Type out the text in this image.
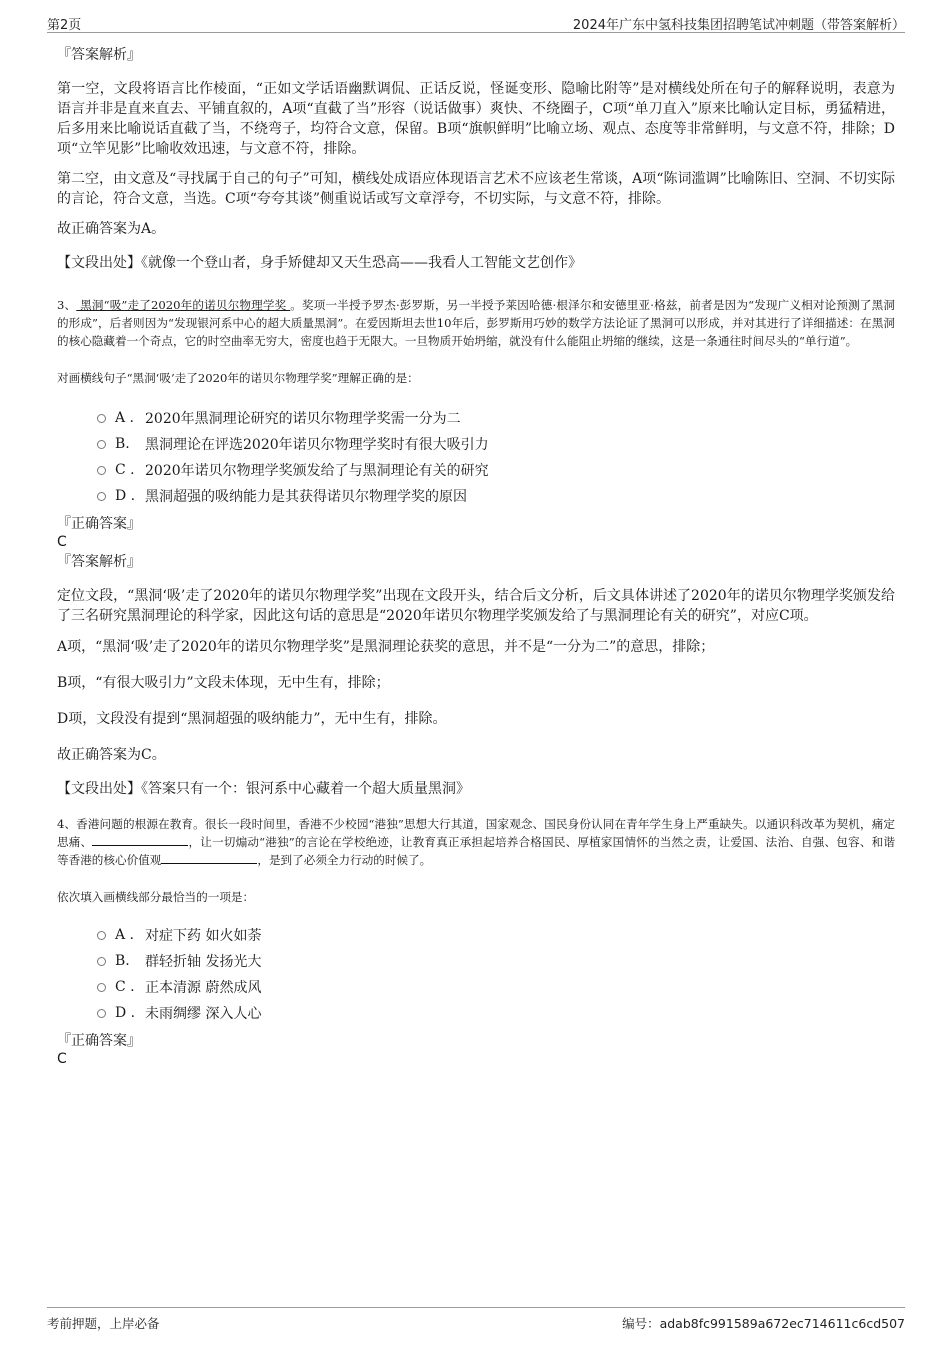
第2页	2024年广东中氢科技集团招聘笔试冲刺题（带答案解析）

『答案解析』

第一空，文段将语言比作棱面，“正如文学话语幽默调侃、正话反说，怪诞变形、隐喻比附等”是对横线处所在句子的解释说明，表意为语言并非是直来直去、平铺直叙的，A项“直截了当”形容（说话做事）爽快、不绕圈子，C项“单刀直入”原来比喻认定目标，勇猛精进，后多用来比喻说话直截了当，不绕弯子，均符合文意，保留。B项“旗帜鲜明”比喻立场、观点、态度等非常鲜明，与文意不符，排除；D项“立竿见影”比喻收效迅速，与文意不符，排除。

第二空，由文意及“寻找属于自己的句子”可知，横线处成语应体现语言艺术不应该老生常谈，A项“陈词滥调”比喻陈旧、空洞、不切实际的言论，符合文意，当选。C项“夸夸其谈”侧重说话或写文章浮夸，不切实际，与文意不符，排除。

故正确答案为A。

【文段出处】《就像一个登山者，身手矫健却又天生恐高——我看人工智能文艺创作》

3、 黑洞“吸”走了2020年的诺贝尔物理学奖 。奖项一半授予罗杰·彭罗斯，另一半授予莱因哈德·根泽尔和安德里亚·格兹，前者是因为“发现广义相对论预测了黑洞的形成”，后者则因为“发现银河系中心的超大质量黑洞”。在爱因斯坦去世10年后，彭罗斯用巧妙的数学方法论证了黑洞可以形成，并对其进行了详细描述：在黑洞的核心隐藏着一个奇点，它的时空曲率无穷大，密度也趋于无限大。一旦物质开始坍缩，就没有什么能阻止坍缩的继续，这是一条通往时间尽头的“单行道”。

对画横线句子“黑洞‘吸’走了2020年的诺贝尔物理学奖”理解正确的是：

A . 2020年黑洞理论研究的诺贝尔物理学奖需一分为二
B.	黑洞理论在评选2020年诺贝尔物理学奖时有很大吸引力
C . 2020年诺贝尔物理学奖颁发给了与黑洞理论有关的研究
D . 黑洞超强的吸纳能力是其获得诺贝尔物理学奖的原因

『正确答案』

C

『答案解析』

定位文段，“黑洞‘吸’走了2020年的诺贝尔物理学奖”出现在文段开头，结合后文分析，后文具体讲述了2020年的诺贝尔物理学奖颁发给了三名研究黑洞理论的科学家，因此这句话的意思是“2020年诺贝尔物理学奖颁发给了与黑洞理论有关的研究”，对应C项。

A项，“黑洞‘吸’走了2020年的诺贝尔物理学奖”是黑洞理论获奖的意思，并不是“一分为二”的意思，排除；

B项，“有很大吸引力”文段未体现，无中生有，排除；

D项，文段没有提到“黑洞超强的吸纳能力”，无中生有，排除。

故正确答案为C。

【文段出处】《答案只有一个：银河系中心藏着一个超大质量黑洞》

4、香港问题的根源在教育。很长一段时间里，香港不少校园“港独”思想大行其道，国家观念、国民身份认同在青年学生身上严重缺失。以通识科改革为契机，痛定思痛、	，让一切煽动“港独”的言论在学校绝迹，让教育真正承担起培养合格国民、厚植家国情怀的当然之责，让爱国、法治、自强、包容、和谐等香港的核心价值观	，是到了必须全力行动的时候了。

依次填入画横线部分最恰当的一项是：

A . 对症下药 如火如荼
B.	群轻折轴 发扬光大
C . 正本清源 蔚然成风
D . 未雨绸缪 深入人心

『正确答案』

C

考前押题，上岸必备	编号：adab8fc991589a672ec714611c6cd507
